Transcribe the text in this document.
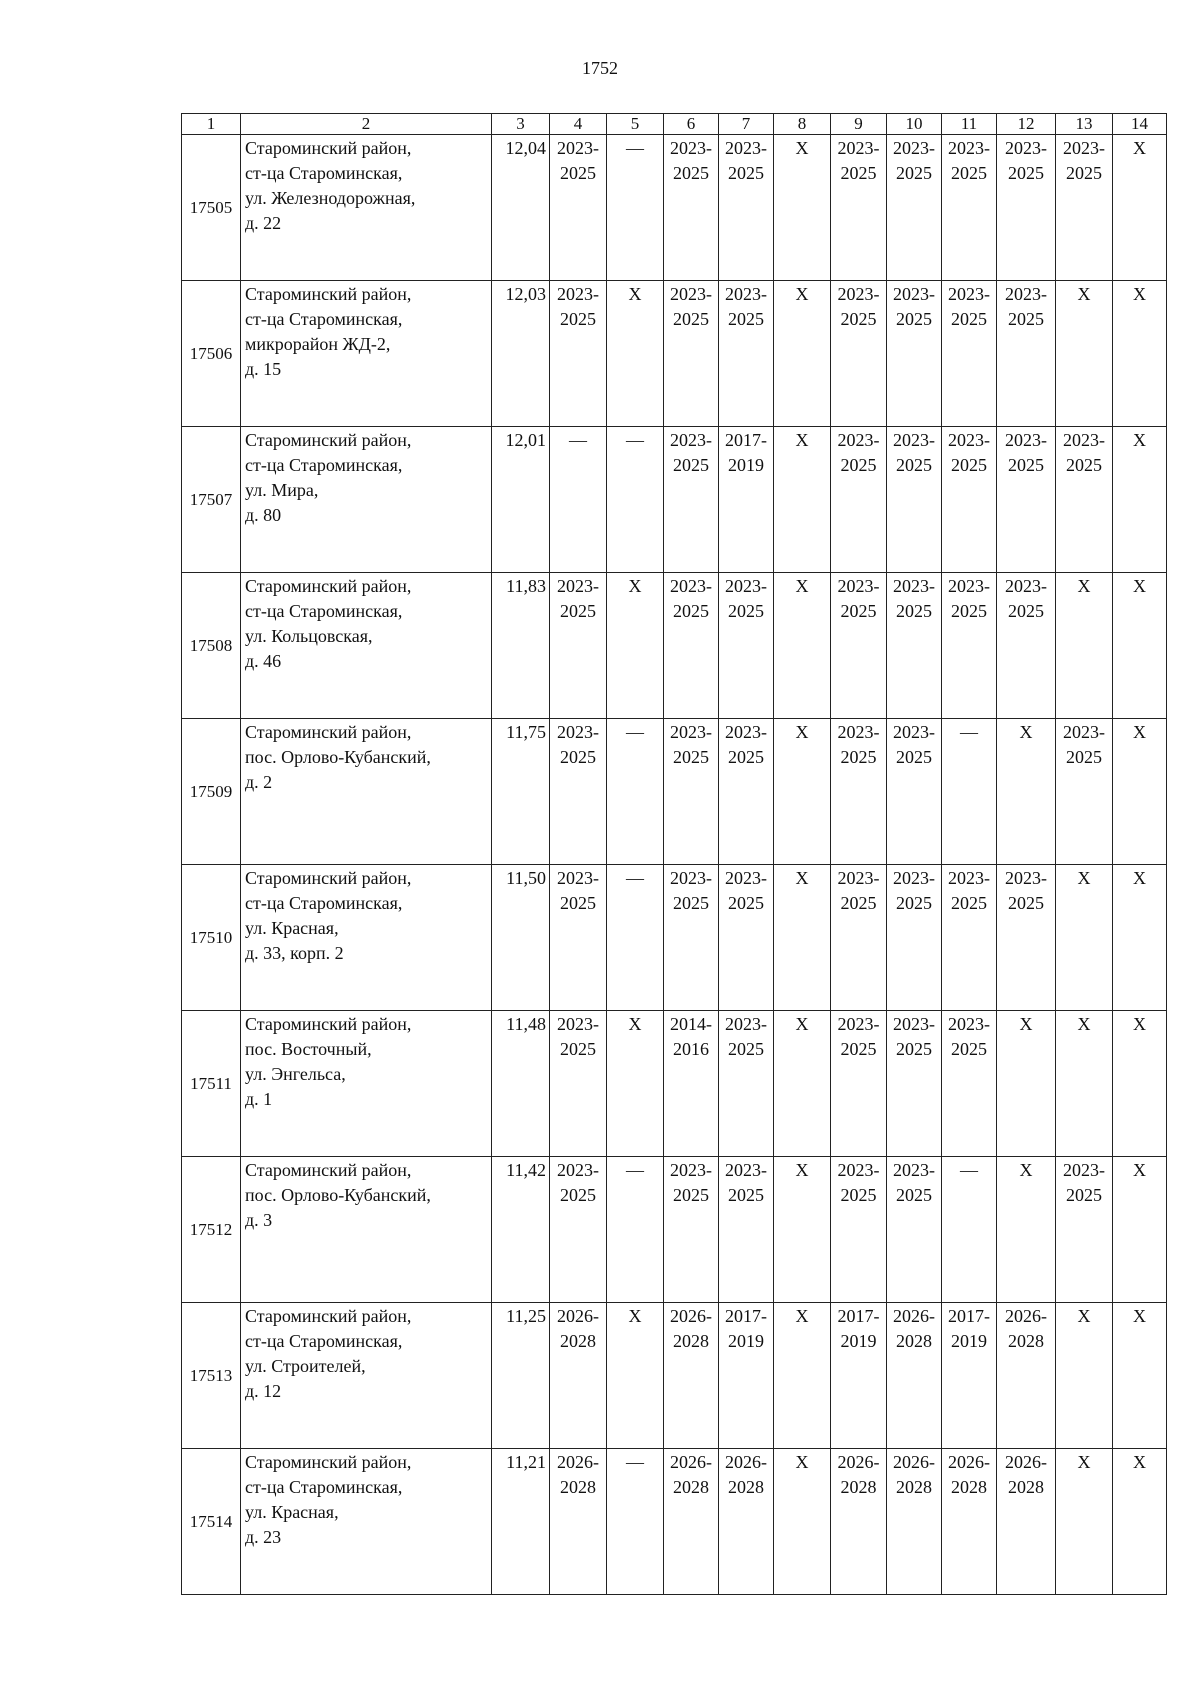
1752
1	2	3	4	5	6	7	8	9	10	11	12	13	14
17505	Староминский район,
ст-ца Староминская,
ул. Железнодорожная,
д. 22	12,04	2023-
2025	—	2023-
2025	2023-
2025	X	2023-
2025	2023-
2025	2023-
2025	2023-
2025	2023-
2025	X
17506	Староминский район,
ст-ца Староминская,
микрорайон ЖД-2,
д. 15	12,03	2023-
2025	X	2023-
2025	2023-
2025	X	2023-
2025	2023-
2025	2023-
2025	2023-
2025	X	X
17507	Староминский район,
ст-ца Староминская,
ул. Мира,
д. 80	12,01	—	—	2023-
2025	2017-
2019	X	2023-
2025	2023-
2025	2023-
2025	2023-
2025	2023-
2025	X
17508	Староминский район,
ст-ца Староминская,
ул. Кольцовская,
д. 46	11,83	2023-
2025	X	2023-
2025	2023-
2025	X	2023-
2025	2023-
2025	2023-
2025	2023-
2025	X	X
17509	Староминский район,
пос. Орлово-Кубанский,
д. 2	11,75	2023-
2025	—	2023-
2025	2023-
2025	X	2023-
2025	2023-
2025	—	X	2023-
2025	X
17510	Староминский район,
ст-ца Староминская,
ул. Красная,
д. 33, корп. 2	11,50	2023-
2025	—	2023-
2025	2023-
2025	X	2023-
2025	2023-
2025	2023-
2025	2023-
2025	X	X
17511	Староминский район,
пос. Восточный,
ул. Энгельса,
д. 1	11,48	2023-
2025	X	2014-
2016	2023-
2025	X	2023-
2025	2023-
2025	2023-
2025	X	X	X
17512	Староминский район,
пос. Орлово-Кубанский,
д. 3	11,42	2023-
2025	—	2023-
2025	2023-
2025	X	2023-
2025	2023-
2025	—	X	2023-
2025	X
17513	Староминский район,
ст-ца Староминская,
ул. Строителей,
д. 12	11,25	2026-
2028	X	2026-
2028	2017-
2019	X	2017-
2019	2026-
2028	2017-
2019	2026-
2028	X	X
17514	Староминский район,
ст-ца Староминская,
ул. Красная,
д. 23	11,21	2026-
2028	—	2026-
2028	2026-
2028	X	2026-
2028	2026-
2028	2026-
2028	2026-
2028	X	X
